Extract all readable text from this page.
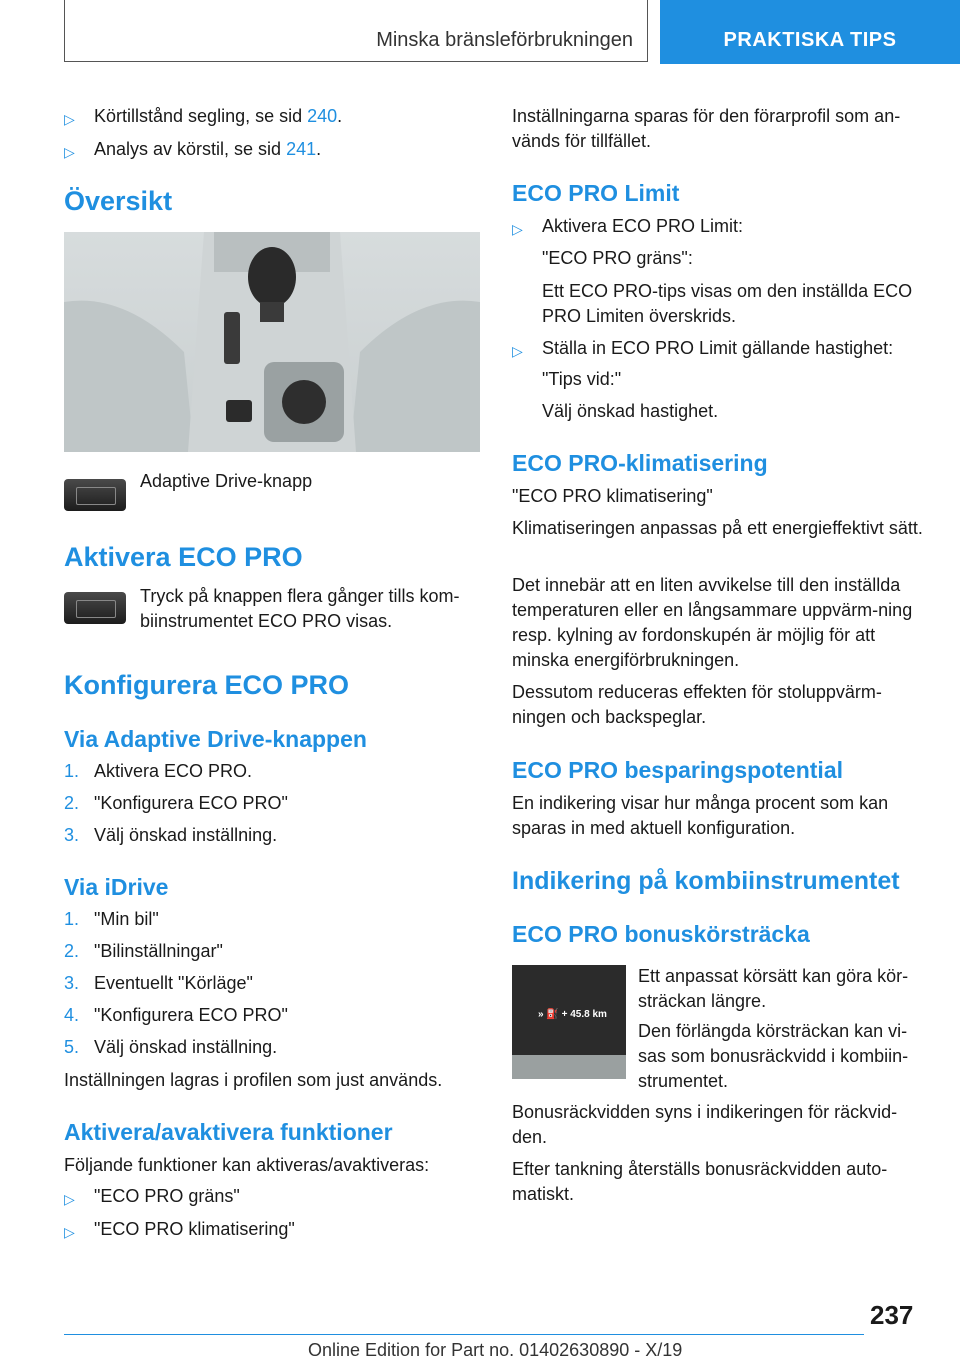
Minska bränsleförbrukningen	PRAKTISKA TIPS
▷ Körtillstånd segling, se sid 240.
▷ Analys av körstil, se sid 241.
Översikt
Adaptive Drive-knapp
Aktivera ECO PRO
Tryck på knappen flera gånger tills kom-biinstrumentet ECO PRO visas.
Konfigurera ECO PRO
Via Adaptive Drive-knappen
1. Aktivera ECO PRO.
2. "Konfigurera ECO PRO"
3. Välj önskad inställning.
Via iDrive
1. "Min bil"
2. "Bilinställningar"
3. Eventuellt "Körläge"
4. "Konfigurera ECO PRO"
5. Välj önskad inställning.
Inställningen lagras i profilen som just används.
Aktivera/avaktivera funktioner
Följande funktioner kan aktiveras/avaktiveras:
▷ "ECO PRO gräns"
▷ "ECO PRO klimatisering"
Inställningarna sparas för den förarprofil som an-vänds för tillfället.
ECO PRO Limit
▷ Aktivera ECO PRO Limit:
"ECO PRO gräns":
Ett ECO PRO-tips visas om den inställda ECO PRO Limiten överskrids.
▷ Ställa in ECO PRO Limit gällande hastighet:
"Tips vid:"
Välj önskad hastighet.
ECO PRO-klimatisering
"ECO PRO klimatisering"
Klimatiseringen anpassas på ett energieffektivt sätt.
Det innebär att en liten avvikelse till den inställda temperaturen eller en långsammare uppvärm-ning resp. kylning av fordonskupén är möjlig för att minska energiförbrukningen.
Dessutom reduceras effekten för stoluppvärm-ningen och backspeglar.
ECO PRO besparingspotential
En indikering visar hur många procent som kan sparas in med aktuell konfiguration.
Indikering på kombiinstrumentet
ECO PRO bonuskörsträcka
» ⛽ + 45.8 km
Ett anpassat körsätt kan göra kör-sträckan längre.
Den förlängda körsträckan kan vi-sas som bonusräckvidd i kombiin-strumentet.
Bonusräckvidden syns i indikeringen för räckvid-den.
Efter tankning återställs bonusräckvidden auto-matiskt.
237
Online Edition for Part no. 01402630890 - X/19
